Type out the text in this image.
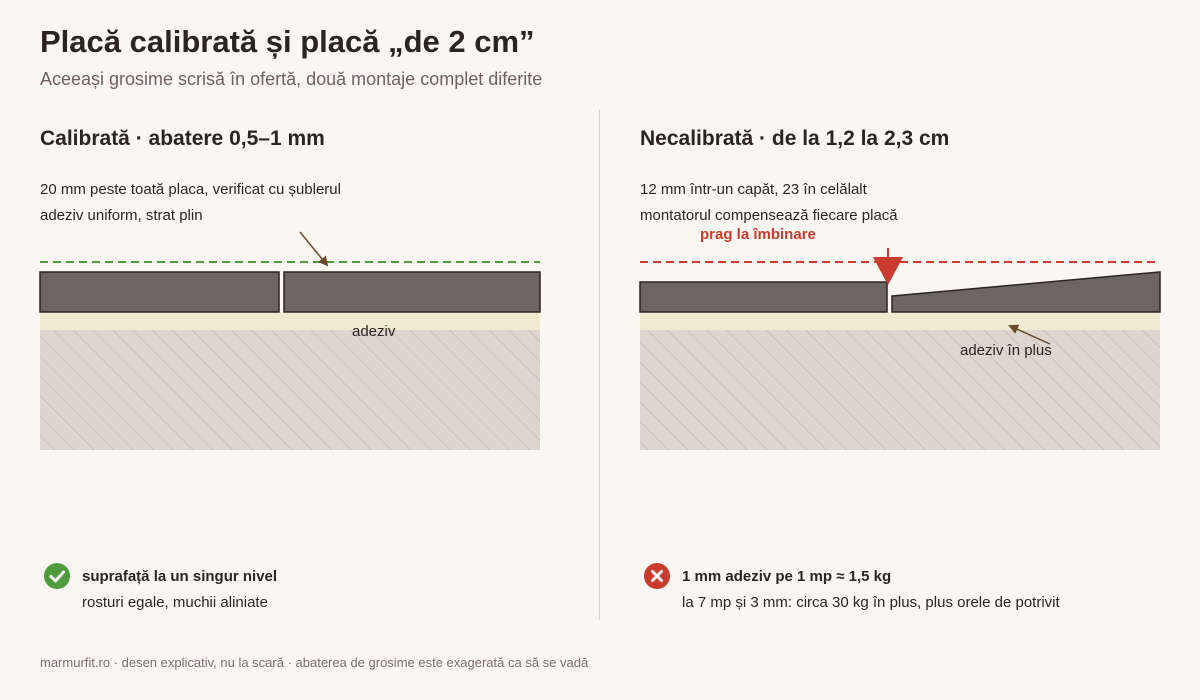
Placă calibrată și placă „de 2 cm”
Aceeași grosime scrisă în ofertă, două montaje complet diferite
Calibrată · abatere 0,5–1 mm
20 mm peste toată placa, verificat cu șublerul
adeziv uniform, strat plin
Necalibrată · de la 1,2 la 2,3 cm
12 mm într-un capăt, 23 în celălalt
montatorul compensează fiecare placă
adeziv
prag la îmbinare
adeziv în plus
suprafață la un singur nivel
rosturi egale, muchii aliniate
1 mm adeziv pe 1 mp ≈ 1,5 kg
la 7 mp și 3 mm: circa 30 kg în plus, plus orele de potrivit
marmurfit.ro · desen explicativ, nu la scară · abaterea de grosime este exagerată ca să se vadă
